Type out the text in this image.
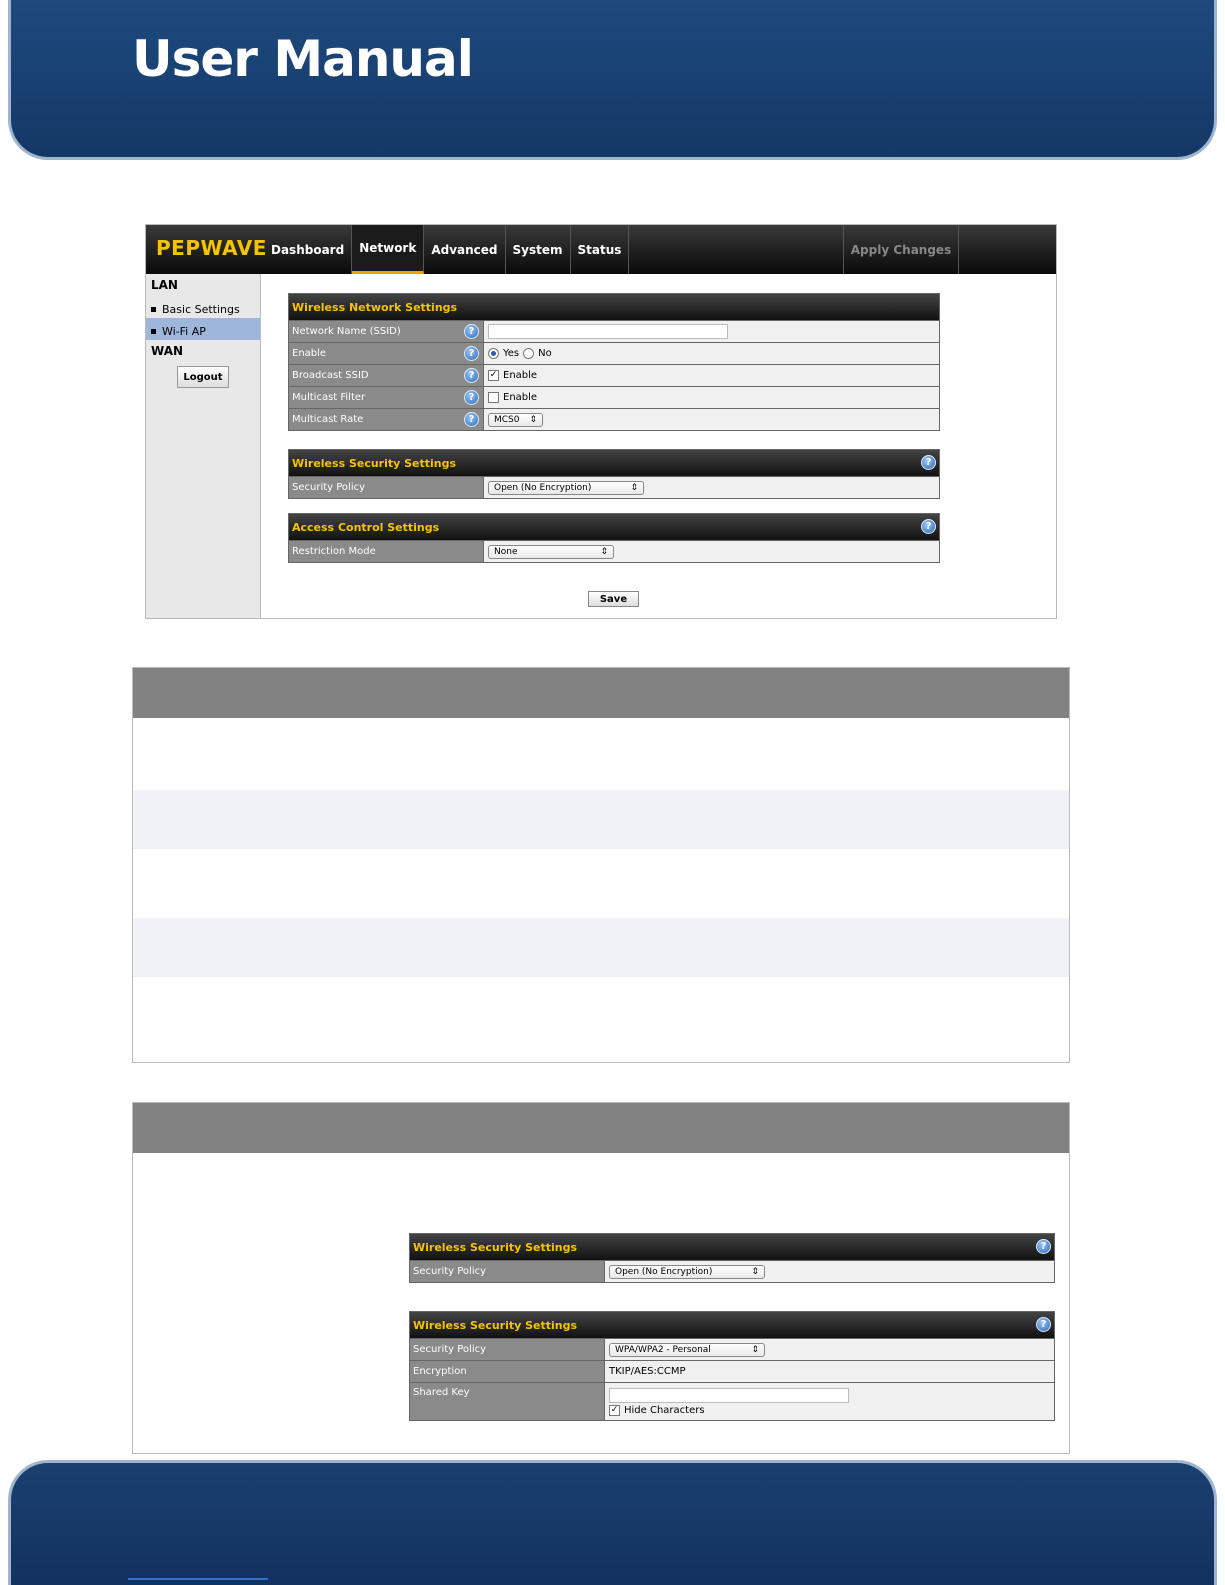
User Manual
PEPWAVE Dashboard	Network	Advanced	System	Status	Apply Changes
LAN
Basic Settings
Wi-Fi AP
WAN
Logout
Wireless Network Settings
Network Name (SSID)	?
Enable	?	Yes No
Broadcast SSID	?	✓ Enable
Multicast Filter	?	Enable
Multicast Rate	?	MCS0 ⇕
Wireless Security Settings	?
Security Policy	Open (No Encryption)	⇕
Access Control Settings	?
Restriction Mode	None	⇕
Save
Wireless Security Settings	?
Security Policy	Open (No Encryption)	⇕
Wireless Security Settings	?
Security Policy	WPA/WPA2 - Personal	⇕
Encryption	TKIP/AES:CCMP
Shared Key
✓ Hide Characters
